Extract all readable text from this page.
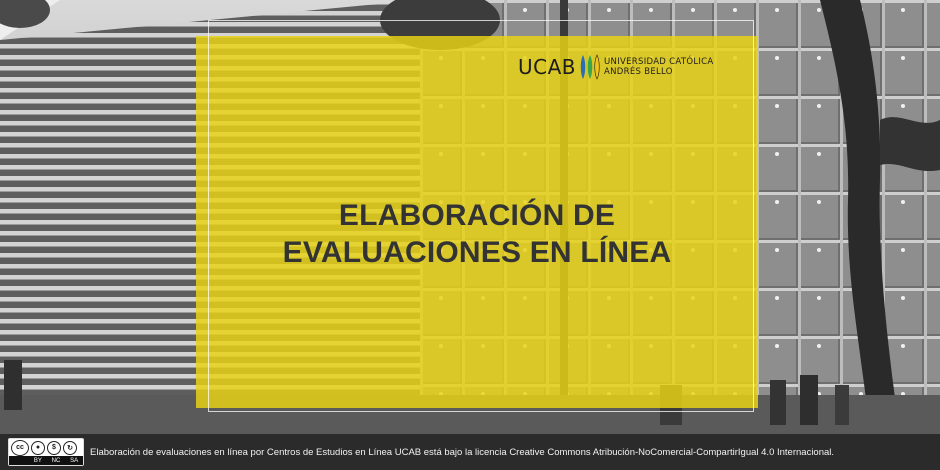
UCAB	UNIVERSIDAD CATÓLICA
ANDRÉS BELLO
ELABORACIÓN DE
EVALUACIONES EN LÍNEA
cc	●	$	↻
BY NC SA
Elaboración de evaluaciones en línea por Centros de Estudios en Línea UCAB está bajo la licencia Creative Commons Atribución-NoComercial-CompartirIgual 4.0 Internacional.
